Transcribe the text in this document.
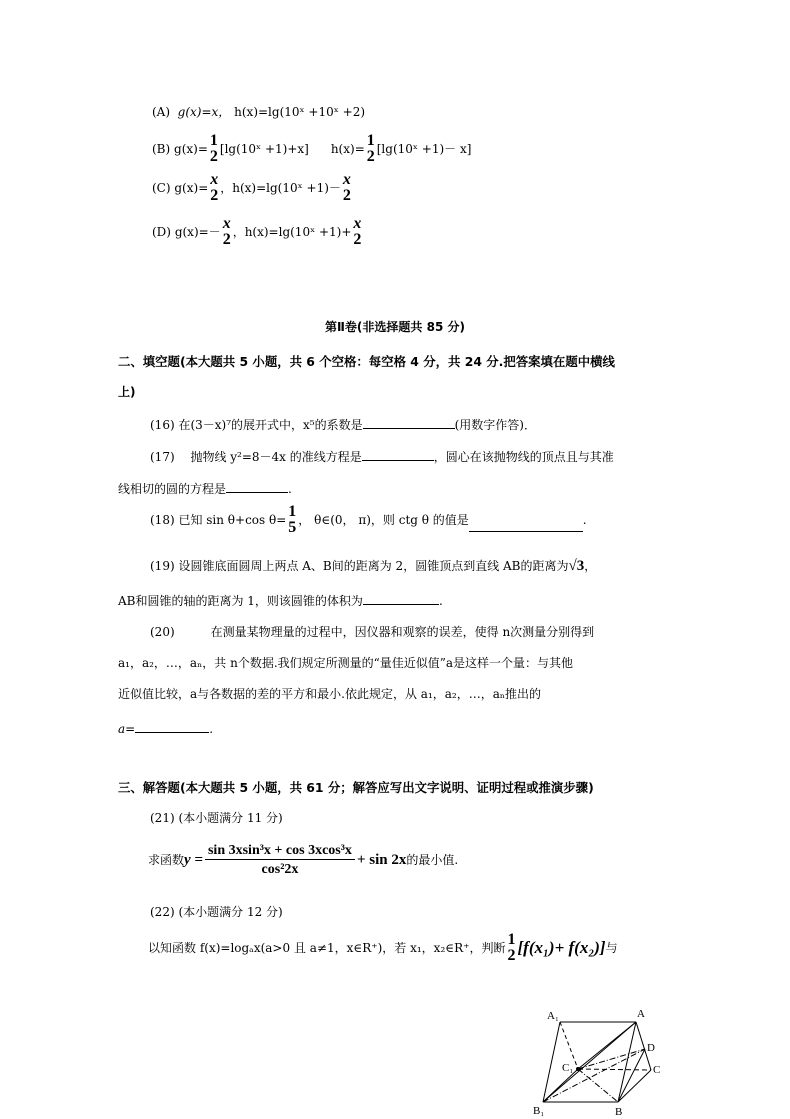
(A) g(x)=x， h(x)=lg(10ˣ +10ˣ +2)
(B)
g(x)= 1
2 [lg(10ˣ +1)+x] h(x)= 1
2 [lg(10ˣ +1)－ x]
(C)
g(x)= x
2 ，h(x)=lg(10ˣ +1)－ x
2
(D)
g(x)=－ x
2 ，h(x)=lg(10ˣ +1)+ x
2
第Ⅱ卷(非选择题共 85 分)
二、填空题(本大题共 5 小题，共 6 个空格：每空格 4 分，共 24 分.把答案填在题中横线
上)
(16) 在(3－x)⁷的展开式中，x⁵的系数是	(用数字作答)．
(17)　 抛物线 y²=8－4x 的准线方程是	，圆心在该抛物线的顶点且与其准
线相切的圆的方程是	.
(18) 已知 sin θ+cos θ= 1
5 ， θ∈(0， π)，则 ctg θ 的值是	.
(19) 设圆锥底面圆周上两点 A、B间的距离为 2，圆锥顶点到直线 AB的距离为√3，
AB和圆锥的轴的距离为 1，则该圆锥的体积为	.
(20)　　　在测量某物理量的过程中，因仪器和观察的误差，使得 n次测量分别得到
a₁，a₂，…，aₙ，共 n个数据.我们规定所测量的“量佳近似值”a是这样一个量：与其他
近似值比较，a与各数据的差的平方和最小.依此规定，从 a₁，a₂，…，aₙ推出的
a=	.
三、解答题(本大题共 5 小题，共 61 分；解答应写出文字说明、证明过程或推演步骤)
(21) (本小题满分 11 分)
求函数 $y = \frac{\text{sin 3xsin³x + cos 3xcos³x}}{\text{cos²2x}} + \sin 2x$ 的最小值.
(22) (本小题满分 12 分)
以知函数 f(x)=logₐx(a>0 且 a≠1，x∈R⁺)，若 x₁，x₂∈R⁺，判断 1
2 [f(x₁)+ f(x₂)] 与
A₁	A
D
C₁	C
B₁	B
